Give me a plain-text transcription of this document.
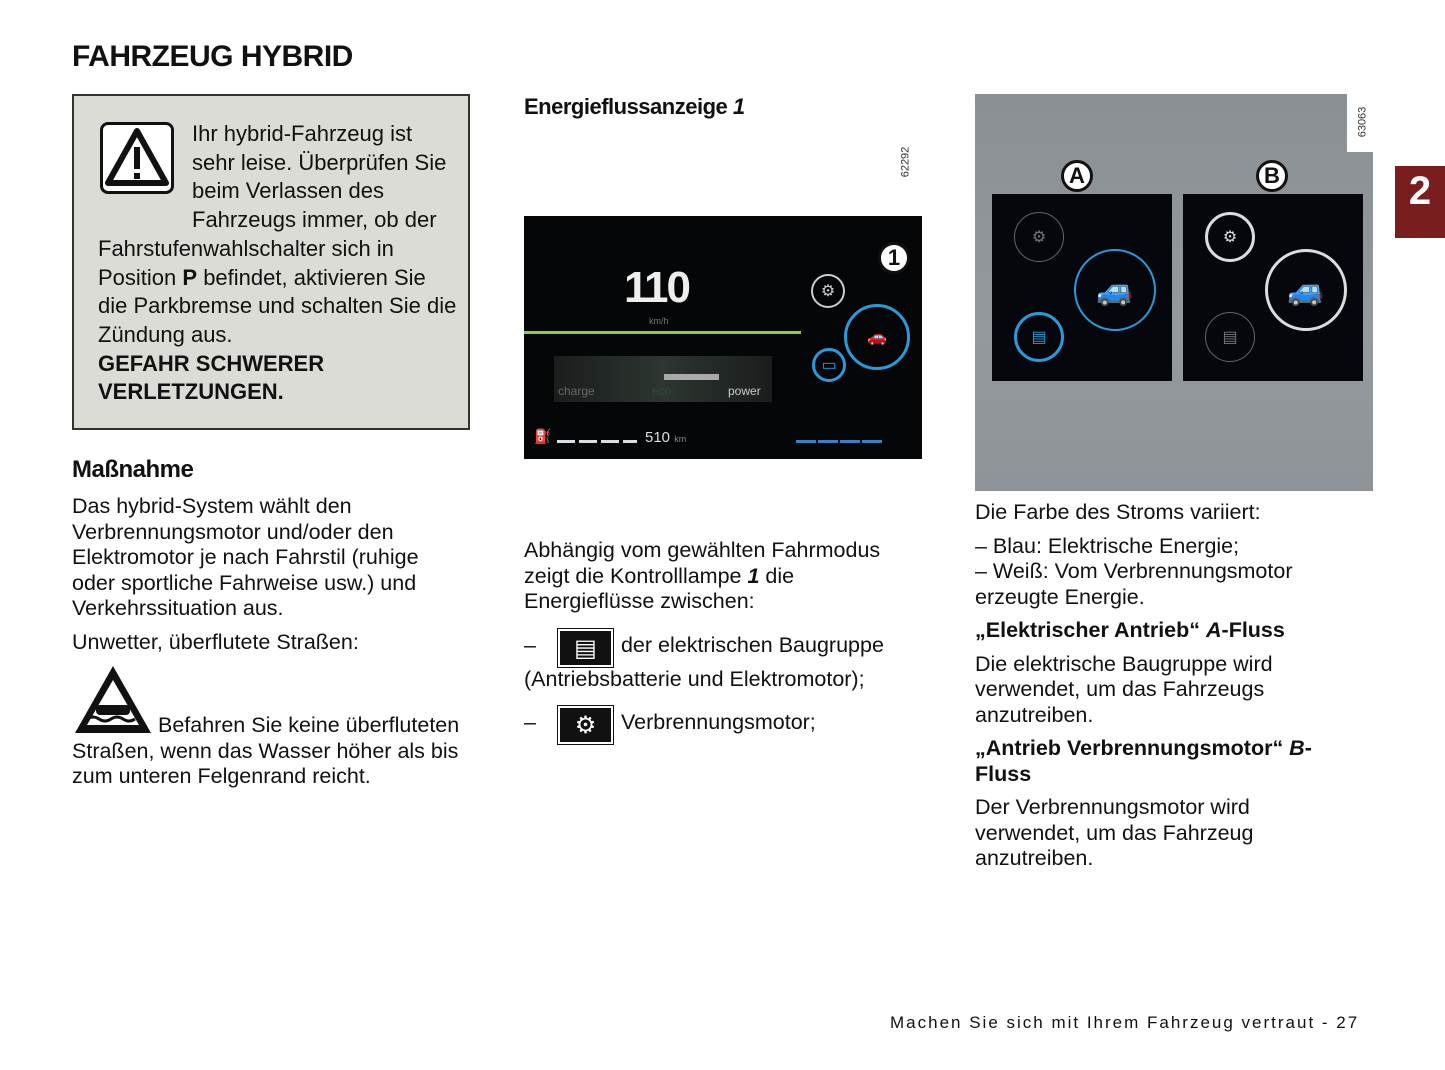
FAHRZEUG HYBRID
Ihr hybrid-Fahrzeug ist sehr leise. Überprüfen Sie beim Verlassen des Fahrzeugs immer, ob der Fahrstufenwahlschalter sich in Position P befindet, aktivieren Sie die Parkbremse und schalten Sie die Zündung aus.
GEFAHR SCHWERER VERLETZUNGEN.
Maßnahme
Das hybrid-System wählt den Verbrennungsmotor und/oder den Elektromotor je nach Fahrstil (ruhige oder sportliche Fahrweise usw.) und Verkehrssituation aus.
Unwetter, überflutete Straßen:
Befahren Sie keine überfluteten Straßen, wenn das Wasser höher als bis zum unteren Felgenrand reicht.
Energieflussanzeige 1
62292
110
km/h
charge	eco	power
⛽	510 km
⚙
▭
🚗
1
Abhängig vom gewählten Fahrmodus zeigt die Kontrolllampe 1 die Energieflüsse zwischen:
– ▤ der elektrischen Baugruppe (Antriebsbatterie und Elektromotor);
– ⚙ Verbrennungsmotor;
63063
A	B
⚙
🚙
▤
⚙
🚙
▤
2
Die Farbe des Stroms variiert:
– Blau: Elektrische Energie;
– Weiß: Vom Verbrennungsmotor erzeugte Energie.
„Elektrischer Antrieb“ A-Fluss
Die elektrische Baugruppe wird verwendet, um das Fahrzeugs anzutreiben.
„Antrieb Verbrennungsmotor“ B-Fluss
Der Verbrennungsmotor wird verwendet, um das Fahrzeug anzutreiben.
Machen Sie sich mit Ihrem Fahrzeug vertraut - 27
